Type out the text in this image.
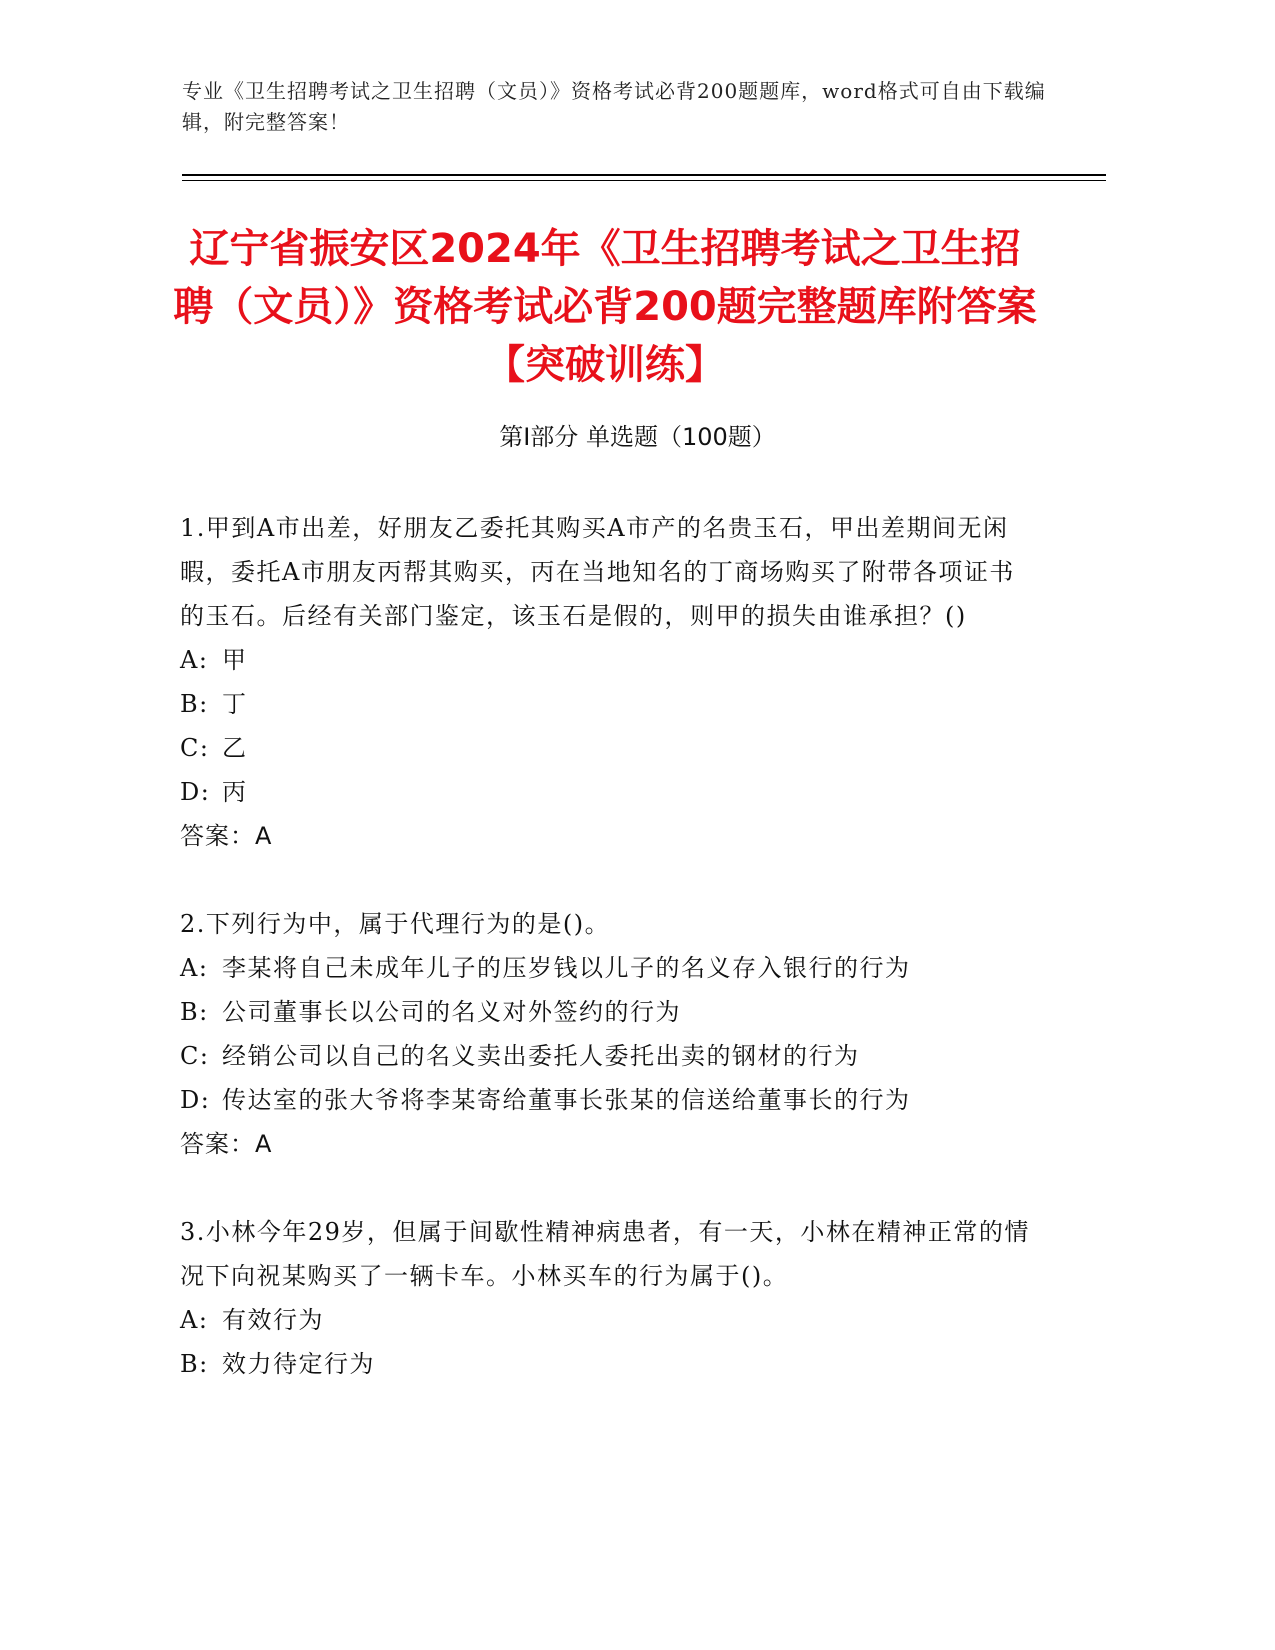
专业《卫生招聘考试之卫生招聘（文员）》资格考试必背200题题库，word格式可自由下载编辑，附完整答案！
辽宁省振安区2024年《卫生招聘考试之卫生招聘（文员）》资格考试必背200题完整题库附答案【突破训练】
第I部分 单选题（100题）
1.甲到A市出差，好朋友乙委托其购买A市产的名贵玉石，甲出差期间无闲暇，委托A市朋友丙帮其购买，丙在当地知名的丁商场购买了附带各项证书的玉石。后经有关部门鉴定，该玉石是假的，则甲的损失由谁承担？()
A: 甲
B: 丁
C: 乙
D: 丙
答案：A
2.下列行为中，属于代理行为的是()。
A: 李某将自己未成年儿子的压岁钱以儿子的名义存入银行的行为
B: 公司董事长以公司的名义对外签约的行为
C: 经销公司以自己的名义卖出委托人委托出卖的钢材的行为
D: 传达室的张大爷将李某寄给董事长张某的信送给董事长的行为
答案：A
3.小林今年29岁，但属于间歇性精神病患者，有一天，小林在精神正常的情况下向祝某购买了一辆卡车。小林买车的行为属于()。
A: 有效行为
B: 效力待定行为
